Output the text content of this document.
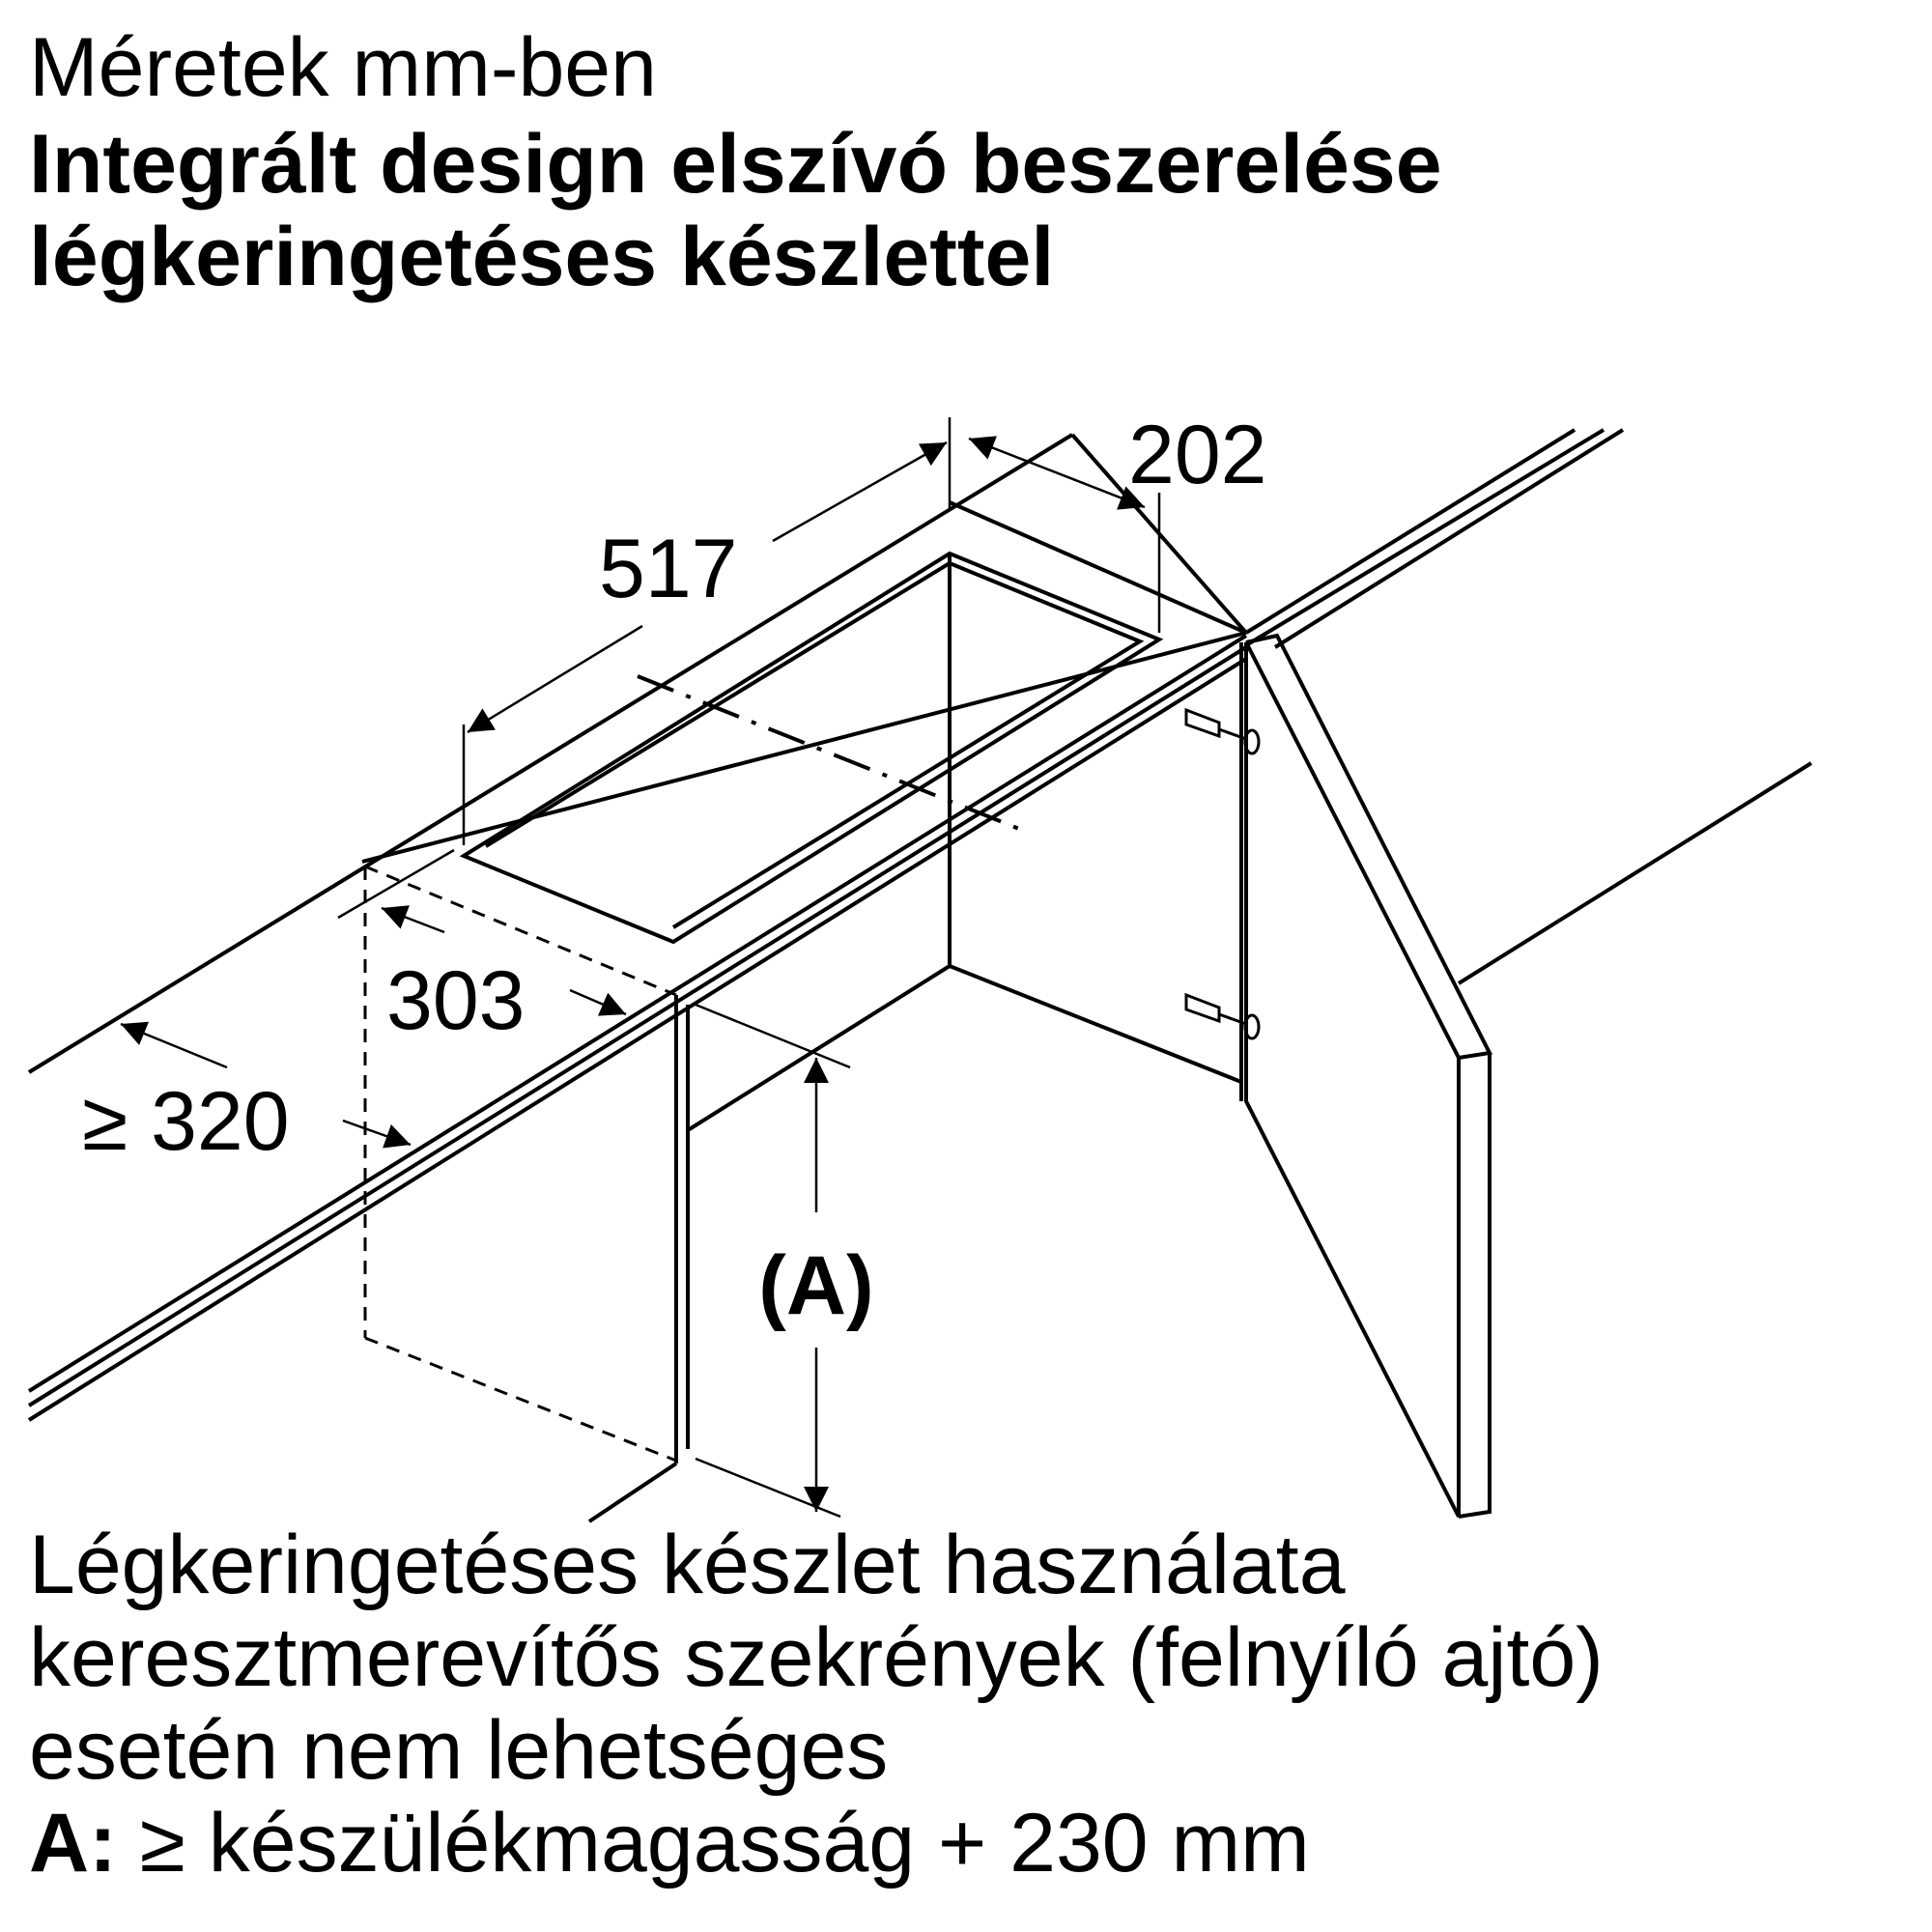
Méretek mm-ben
Integrált design elszívó beszerelése
légkeringetéses készlettel
517
202
303
≥ 320
(A)
Légkeringetéses készlet használata
keresztmerevítős szekrények (felnyíló ajtó)
esetén nem lehetséges
A: ≥ készülékmagasság + 230 mm
